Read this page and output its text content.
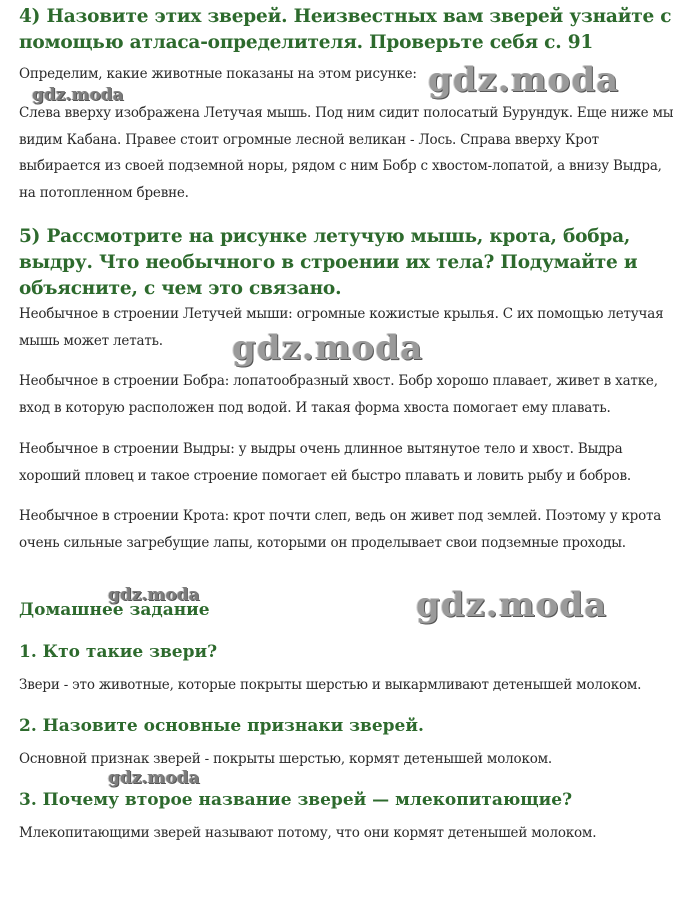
4) Назовите этих зверей. Неизвестных вам зверей узнайте с помощью атласа-определителя. Проверьте себя с. 91

Определим, какие животные показаны на этом рисунке:

Слева вверху изображена Летучая мышь. Под ним сидит полосатый Бурундук. Еще ниже мы видим Кабана. Правее стоит огромные лесной великан - Лось. Справа вверху Крот выбирается из своей подземной норы, рядом с ним Бобр с хвостом-лопатой, а внизу Выдра, на потопленном бревне.

5) Рассмотрите на рисунке летучую мышь, крота, бобра, выдру. Что необычного в строении их тела? Подумайте и объясните, с чем это связано.

Необычное в строении Летучей мыши: огромные кожистые крылья. С их помощью летучая мышь может летать.

Необычное в строении Бобра: лопатообразный хвост. Бобр хорошо плавает, живет в хатке, вход в которую расположен под водой. И такая форма хвоста помогает ему плавать.

Необычное в строении Выдры: у выдры очень длинное вытянутое тело и хвост. Выдра хороший пловец и такое строение помогает ей быстро плавать и ловить рыбу и бобров.

Необычное в строении Крота: крот почти слеп, ведь он живет под землей. Поэтому у крота очень сильные загребущие лапы, которыми он проделывает свои подземные проходы.

Домашнее задание
1. Кто такие звери?

Звери - это животные, которые покрыты шерстью и выкармливают детенышей молоком.

2. Назовите основные признаки зверей.

Основной признак зверей - покрыты шерстью, кормят детенышей молоком.

3. Почему второе название зверей — млекопитающие?

Млекопитающими зверей называют потому, что они кормят детенышей молоком.

gdz.moda
gdz.moda
gdz.moda
gdz.moda	gdz.moda
gdz.moda
